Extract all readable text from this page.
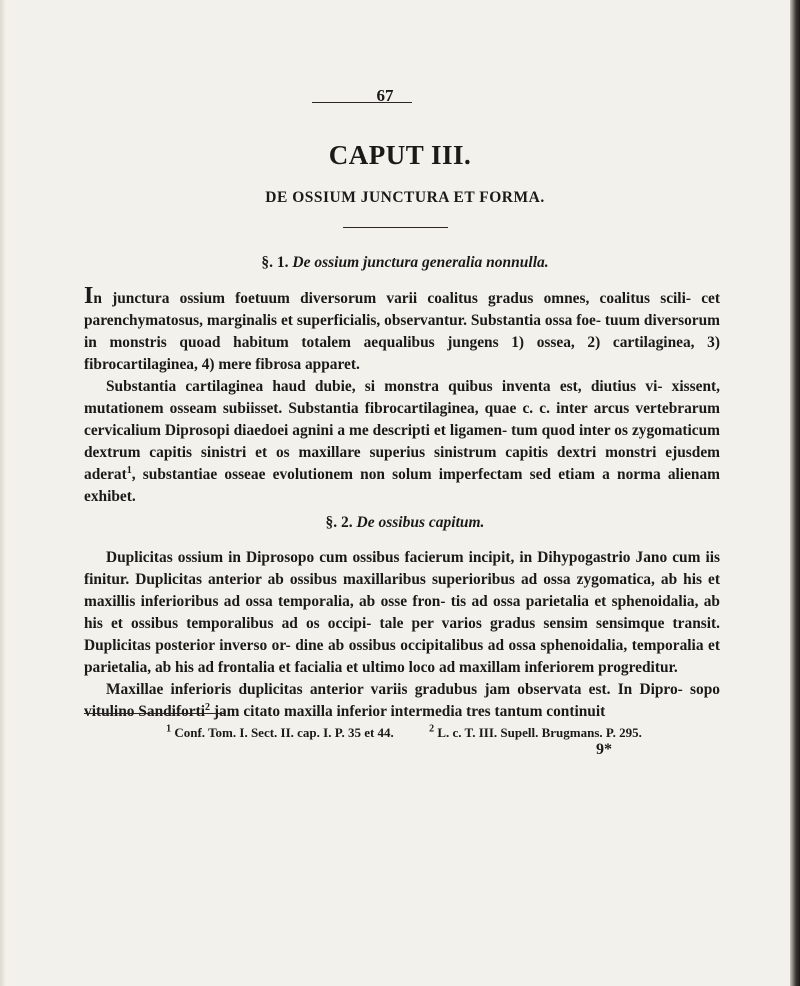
67
CAPUT III.
DE OSSIUM JUNCTURA ET FORMA.
§. 1. De ossium junctura generalia nonnulla.

In junctura ossium foetuum diversorum varii coalitus gradus omnes, coalitus scili- cet parenchymatosus, marginalis et superficialis, observantur. Substantia ossa foe- tuum diversorum in monstris quoad habitum totalem aequalibus jungens 1) ossea, 2) cartilaginea, 3) fibrocartilaginea, 4) mere fibrosa apparet.

Substantia cartilaginea haud dubie, si monstra quibus inventa est, diutius vi- xissent, mutationem osseam subiisset. Substantia fibrocartilaginea, quae c. c. inter arcus vertebrarum cervicalium Diprosopi diaedoei agnini a me descripti et ligamen- tum quod inter os zygomaticum dextrum capitis sinistri et os maxillare superius sinistrum capitis dextri monstri ejusdem aderat$^1$, substantiae osseae evolutionem non solum imperfectam sed etiam a norma alienam exhibet.

§. 2. De ossibus capitum.

Duplicitas ossium in Diprosopo cum ossibus facierum incipit, in Dihypogastrio Jano cum iis finitur. Duplicitas anterior ab ossibus maxillaribus superioribus ad ossa zygomatica, ab his et maxillis inferioribus ad ossa temporalia, ab osse fron- tis ad ossa parietalia et sphenoidalia, ab his et ossibus temporalibus ad os occipi- tale per varios gradus sensim sensimque transit. Duplicitas posterior inverso or- dine ab ossibus occipitalibus ad ossa sphenoidalia, temporalia et parietalia, ab his ad frontalia et facialia et ultimo loco ad maxillam inferiorem progreditur.

Maxillae inferioris duplicitas anterior variis gradubus jam observata est. In Dipro- sopo vitulino Sandiforti$^2$ jam citato maxilla inferior intermedia tres tantum continuit

$^1$ Conf. Tom. I. Sect. II. cap. I. P. 35 et 44.	$^2$ L. c. T. III. Supell. Brugmans. P. 295.
9*
